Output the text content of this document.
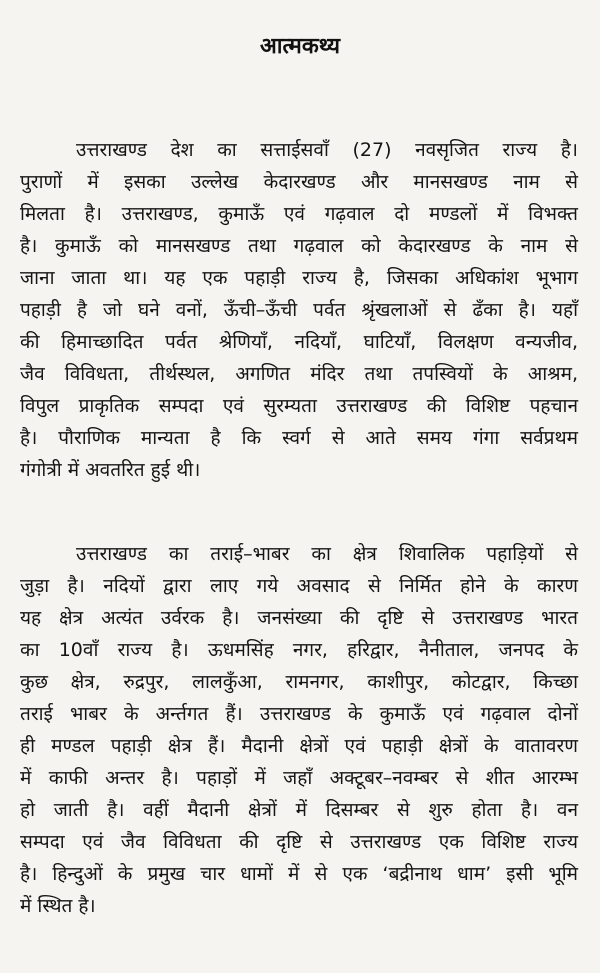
आत्मकथ्य
उत्तराखण्ड देश का सत्ताईसवाँ (27) नवसृजित राज्य है।
पुराणों में इसका उल्लेख केदारखण्ड और मानसखण्ड नाम से
मिलता है। उत्तराखण्ड, कुमाऊँ एवं गढ़वाल दो मण्डलों में विभक्त
है। कुमाऊँ को मानसखण्ड तथा गढ़वाल को केदारखण्ड के नाम से
जाना जाता था। यह एक पहाड़ी राज्य है, जिसका अधिकांश भूभाग
पहाड़ी है जो घने वनों, ऊँची–ऊँची पर्वत श्रृंखलाओं से ढँका है। यहाँ
की हिमाच्छादित पर्वत श्रेणियाँ, नदियाँ, घाटियाँ, विलक्षण वन्यजीव,
जैव विविधता, तीर्थस्थल, अगणित मंदिर तथा तपस्वियों के आश्रम,
विपुल प्राकृतिक सम्पदा एवं सुरम्यता उत्तराखण्ड की विशिष्ट पहचान
है। पौराणिक मान्यता है कि स्वर्ग से आते समय गंगा सर्वप्रथम
गंगोत्री में अवतरित हुई थी।
उत्तराखण्ड का तराई–भाबर का क्षेत्र शिवालिक पहाड़ियों से
जुड़ा है। नदियों द्वारा लाए गये अवसाद से निर्मित होने के कारण
यह क्षेत्र अत्यंत उर्वरक है। जनसंख्या की दृष्टि से उत्तराखण्ड भारत
का 10वाँ राज्य है। ऊधमसिंह नगर, हरिद्वार, नैनीताल, जनपद के
कुछ क्षेत्र, रुद्रपुर, लालकुँआ, रामनगर, काशीपुर, कोटद्वार, किच्छा
तराई भाबर के अर्न्तगत हैं। उत्तराखण्ड के कुमाऊँ एवं गढ़वाल दोनों
ही मण्डल पहाड़ी क्षेत्र हैं। मैदानी क्षेत्रों एवं पहाड़ी क्षेत्रों के वातावरण
में काफी अन्तर है। पहाड़ों में जहाँ अक्टूबर–नवम्बर से शीत आरम्भ
हो जाती है। वहीं मैदानी क्षेत्रों में दिसम्बर से शुरु होता है। वन
सम्पदा एवं जैव विविधता की दृष्टि से उत्तराखण्ड एक विशिष्ट राज्य
है। हिन्दुओं के प्रमुख चार धामों में से एक ‘बद्रीनाथ धाम’ इसी भूमि
में स्थित है।
